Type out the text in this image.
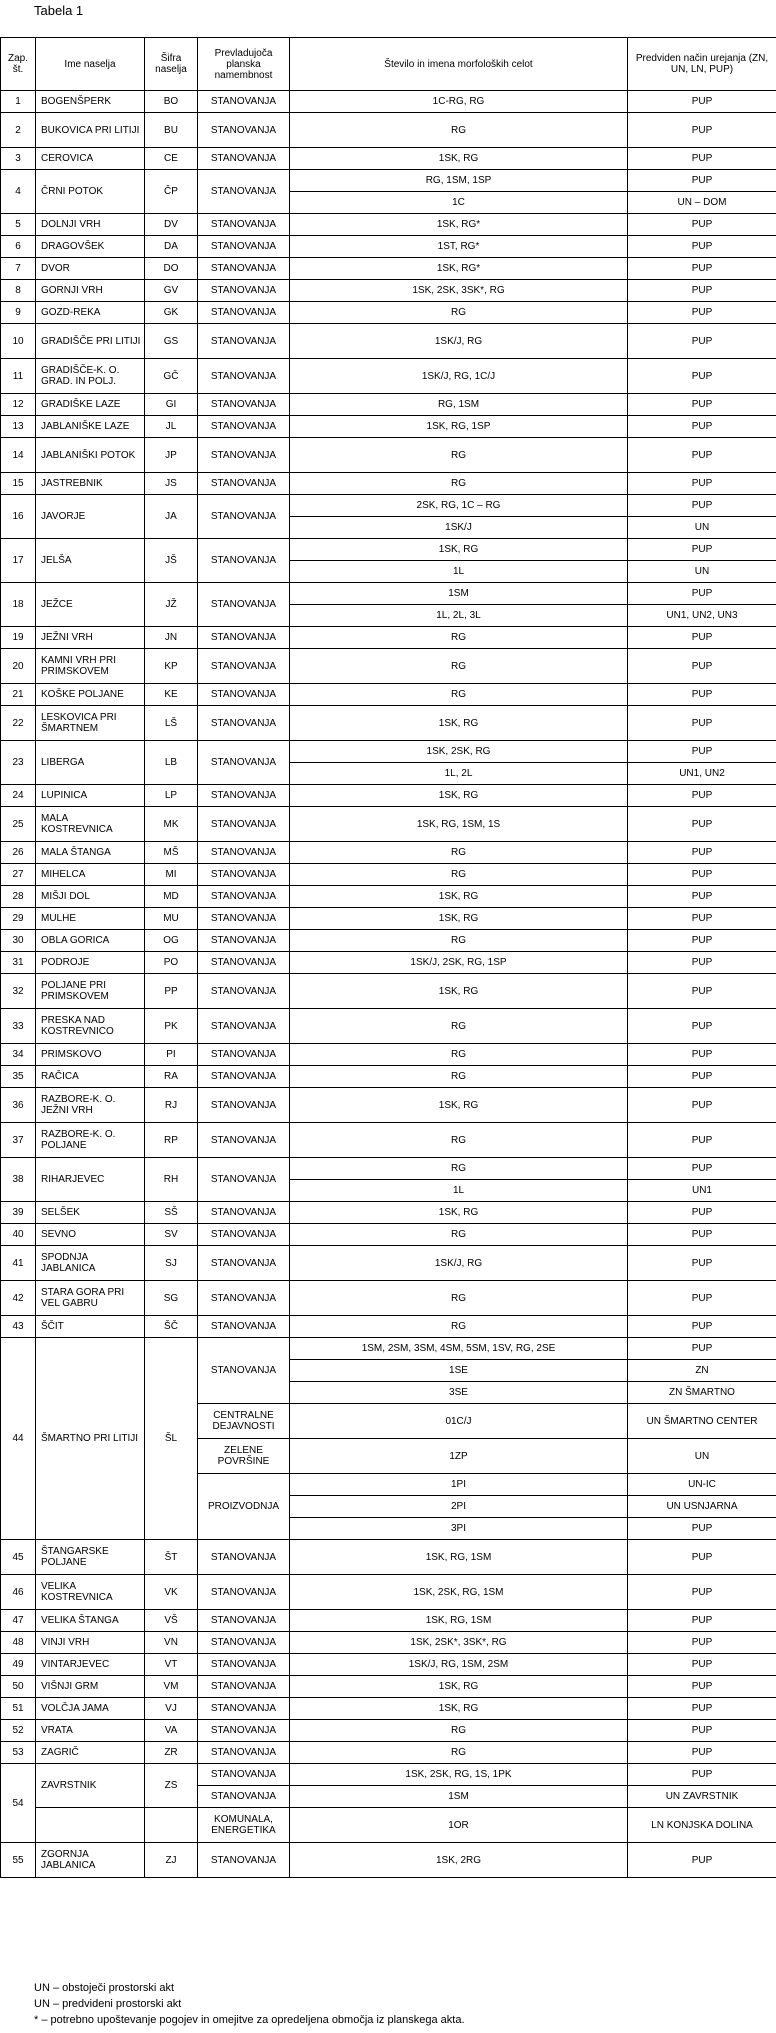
Tabela 1
Zap. št.	Ime naselja	Šifra naselja	Prevladujoča planska namembnost	Število in imena morfoloških celot	Predviden način urejanja (ZN, UN, LN, PUP)
1	BOGENŠPERK	BO	STANOVANJA	1C-RG, RG	PUP
2	BUKOVICA PRI LITIJI	BU	STANOVANJA	RG	PUP
3	CEROVICA	CE	STANOVANJA	1SK, RG	PUP
4	ČRNI POTOK	ČP	STANOVANJA	RG, 1SM, 1SP	PUP
				1C	UN – DOM
5	DOLNJI VRH	DV	STANOVANJA	1SK, RG*	PUP
6	DRAGOVŠEK	DA	STANOVANJA	1ST, RG*	PUP
7	DVOR	DO	STANOVANJA	1SK, RG*	PUP
8	GORNJI VRH	GV	STANOVANJA	1SK, 2SK, 3SK*, RG	PUP
9	GOZD-REKA	GK	STANOVANJA	RG	PUP
10	GRADIŠČE PRI LITIJI	GS	STANOVANJA	1SK/J, RG	PUP
11	GRADIŠČE-K. O. GRAD. IN POLJ.	GČ	STANOVANJA	1SK/J, RG, 1C/J	PUP
12	GRADIŠKE LAZE	GI	STANOVANJA	RG, 1SM	PUP
13	JABLANIŠKE LAZE	JL	STANOVANJA	1SK, RG, 1SP	PUP
14	JABLANIŠKI POTOK	JP	STANOVANJA	RG	PUP
15	JASTREBNIK	JS	STANOVANJA	RG	PUP
16	JAVORJE	JA	STANOVANJA	2SK, RG, 1C – RG	PUP
				1SK/J	UN
17	JELŠA	JŠ	STANOVANJA	1SK, RG	PUP
				1L	UN
18	JEŽCE	JŽ	STANOVANJA	1SM	PUP
				1L, 2L, 3L	UN1, UN2, UN3
19	JEŽNI VRH	JN	STANOVANJA	RG	PUP
20	KAMNI VRH PRI PRIMSKOVEM	KP	STANOVANJA	RG	PUP
21	KOŠKE POLJANE	KE	STANOVANJA	RG	PUP
22	LESKOVICA PRI ŠMARTNEM	LŠ	STANOVANJA	1SK, RG	PUP
23	LIBERGA	LB	STANOVANJA	1SK, 2SK, RG	PUP
				1L, 2L	UN1, UN2
24	LUPINICA	LP	STANOVANJA	1SK, RG	PUP
25	MALA KOSTREVNICA	MK	STANOVANJA	1SK, RG, 1SM, 1S	PUP
26	MALA ŠTANGA	MŠ	STANOVANJA	RG	PUP
27	MIHELCA	MI	STANOVANJA	RG	PUP
28	MIŠJI DOL	MD	STANOVANJA	1SK, RG	PUP
29	MULHE	MU	STANOVANJA	1SK, RG	PUP
30	OBLA GORICA	OG	STANOVANJA	RG	PUP
31	PODROJE	PO	STANOVANJA	1SK/J, 2SK, RG, 1SP	PUP
32	POLJANE PRI PRIMSKOVEM	PP	STANOVANJA	1SK, RG	PUP
33	PRESKA NAD KOSTREVNICO	PK	STANOVANJA	RG	PUP
34	PRIMSKOVO	PI	STANOVANJA	RG	PUP
35	RAČICA	RA	STANOVANJA	RG	PUP
36	RAZBORE-K. O. JEŽNI VRH	RJ	STANOVANJA	1SK, RG	PUP
37	RAZBORE-K. O. POLJANE	RP	STANOVANJA	RG	PUP
38	RIHARJEVEC	RH	STANOVANJA	RG	PUP
				1L	UN1
39	SELŠEK	SŠ	STANOVANJA	1SK, RG	PUP
40	SEVNO	SV	STANOVANJA	RG	PUP
41	SPODNJA JABLANICA	SJ	STANOVANJA	1SK/J, RG	PUP
42	STARA GORA PRI VEL GABRU	SG	STANOVANJA	RG	PUP
43	ŠČIT	ŠČ	STANOVANJA	RG	PUP
44	ŠMARTNO PRI LITIJI	ŠL	STANOVANJA	1SM, 2SM, 3SM, 4SM, 5SM, 1SV, RG, 2SE	PUP
				1SE	ZN
				3SE	ZN ŠMARTNO
			CENTRALNE DEJAVNOSTI	01C/J	UN ŠMARTNO CENTER
			ZELENE POVRŠINE	1ZP	UN
			PROIZVODNJA	1PI	UN-IC
				2PI	UN USNJARNA
				3PI	PUP
45	ŠTANGARSKE POLJANE	ŠT	STANOVANJA	1SK, RG, 1SM	PUP
46	VELIKA KOSTREVNICA	VK	STANOVANJA	1SK, 2SK, RG, 1SM	PUP
47	VELIKA ŠTANGA	VŠ	STANOVANJA	1SK, RG, 1SM	PUP
48	VINJI VRH	VN	STANOVANJA	1SK, 2SK*, 3SK*, RG	PUP
49	VINTARJEVEC	VT	STANOVANJA	1SK/J, RG, 1SM, 2SM	PUP
50	VIŠNJI GRM	VM	STANOVANJA	1SK, RG	PUP
51	VOLČJA JAMA	VJ	STANOVANJA	1SK, RG	PUP
52	VRATA	VA	STANOVANJA	RG	PUP
53	ZAGRIČ	ZR	STANOVANJA	RG	PUP
54	ZAVRSTNIK	ZS	STANOVANJA	1SK, 2SK, RG, 1S, 1PK	PUP
			STANOVANJA	1SM	UN ZAVRSTNIK
			KOMUNALA, ENERGETIKA	1OR	LN KONJSKA DOLINA
55	ZGORNJA JABLANICA	ZJ	STANOVANJA	1SK, 2RG	PUP
UN – obstoječi prostorski akt
UN – predvideni prostorski akt
* – potrebno upoštevanje pogojev in omejitve za opredeljena območja iz planskega akta.
